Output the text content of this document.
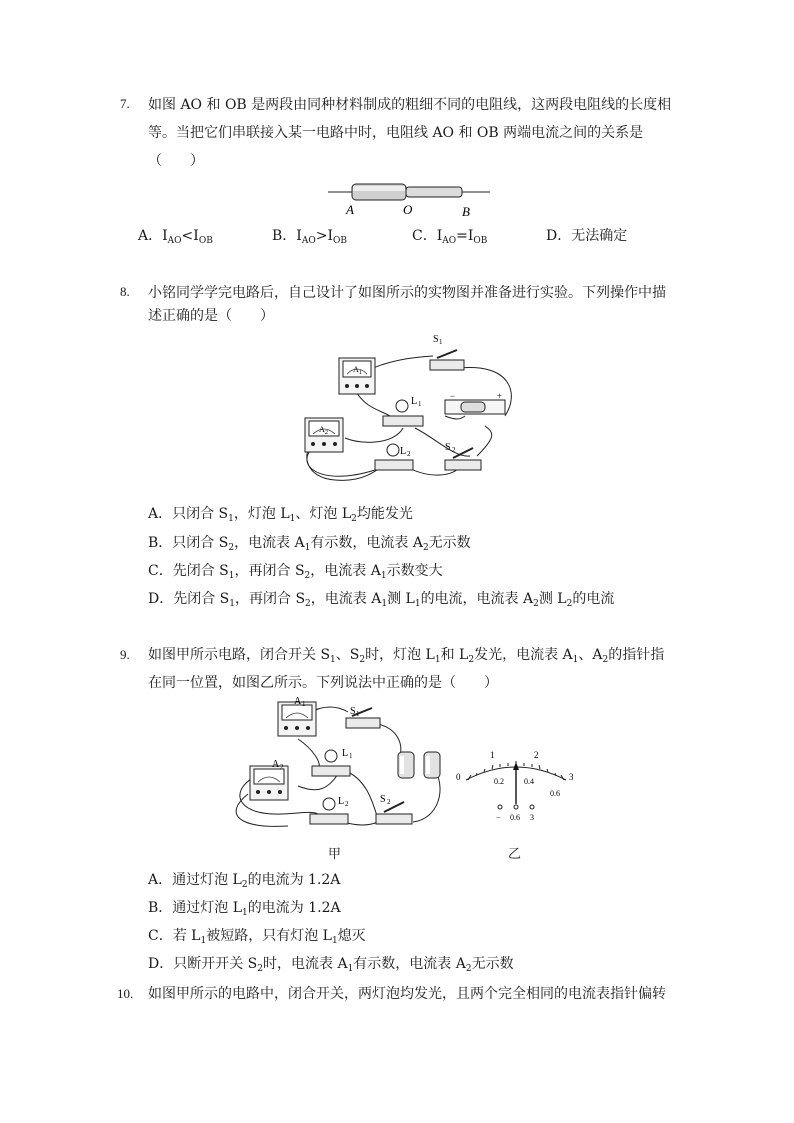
7. 如图 AO 和 OB 是两段由同种材料制成的粗细不同的电阻线，这两段电阻线的长度相
等。当把它们串联接入某一电路中时，电阻线 AO 和 OB 两端电流之间的关系是
（　　）
A	O	B
A．$I_{AO}<I_{OB}$	B．$I_{AO}>I_{OB}$	C．$I_{AO}=I_{OB}$	D．无法确定
8. 小铭同学学完电路后，自己设计了如图所示的实物图并准备进行实验。下列操作中描
述正确的是（　　）
A 1
A 2
S 1
−	+
L 1
L 2
S 2
A．只闭合 $S_1$，灯泡 $L_1$、灯泡 $L_2$均能发光
B．只闭合 $S_2$，电流表 $A_1$有示数，电流表 $A_2$无示数
C．先闭合 $S_1$，再闭合 $S_2$，电流表 $A_1$示数变大
D．先闭合 $S_1$，再闭合 $S_2$，电流表 $A_1$测 $L_1$的电流，电流表 $A_2$测 $L_2$的电流
9. 如图甲所示电路，闭合开关 $S_1$、$S_2$时，灯泡 $L_1$和 $L_2$发光，电流表 $A_1$、$A_2$的指针指
在同一位置，如图乙所示。下列说法中正确的是（　　）
A 1
A 2
S 1
L 1
L 2	S 2
0
1	2
3
0.2	0.4
0.6
− 0.6 3
甲	乙
A．通过灯泡 $L_2$的电流为 1.2A
B．通过灯泡 $L_1$的电流为 1.2A
C．若 $L_1$被短路，只有灯泡 $L_1$熄灭
D．只断开开关 $S_2$时，电流表 $A_1$有示数，电流表 $A_2$无示数
10. 如图甲所示的电路中，闭合开关，两灯泡均发光，且两个完全相同的电流表指针偏转
